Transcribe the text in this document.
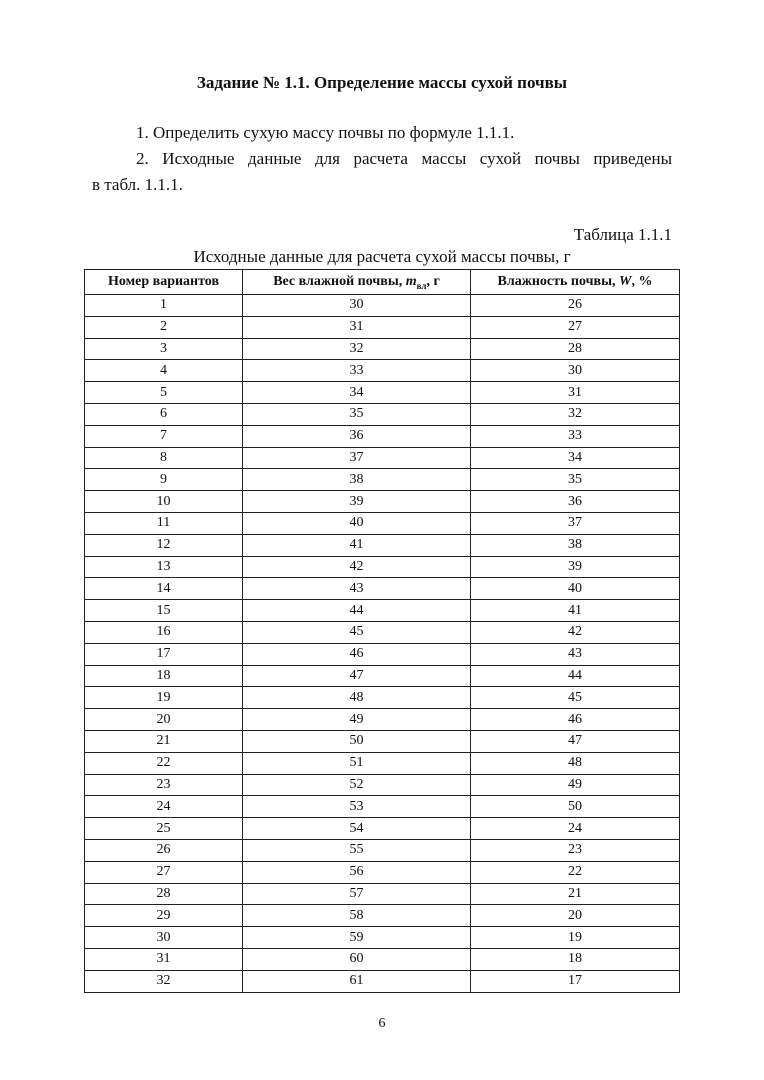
Задание № 1.1. Определение массы сухой почвы
1. Определить сухую массу почвы по формуле 1.1.1.
2. Исходные данные для расчета массы сухой почвы приведены
в табл. 1.1.1.
Таблица 1.1.1
Исходные данные для расчета сухой массы почвы, г
Номер вариантов	Вес влажной почвы, $m_{вл}$, г	Влажность почвы, W, %
1	30	26
2	31	27
3	32	28
4	33	30
5	34	31
6	35	32
7	36	33
8	37	34
9	38	35
10	39	36
11	40	37
12	41	38
13	42	39
14	43	40
15	44	41
16	45	42
17	46	43
18	47	44
19	48	45
20	49	46
21	50	47
22	51	48
23	52	49
24	53	50
25	54	24
26	55	23
27	56	22
28	57	21
29	58	20
30	59	19
31	60	18
32	61	17
6
